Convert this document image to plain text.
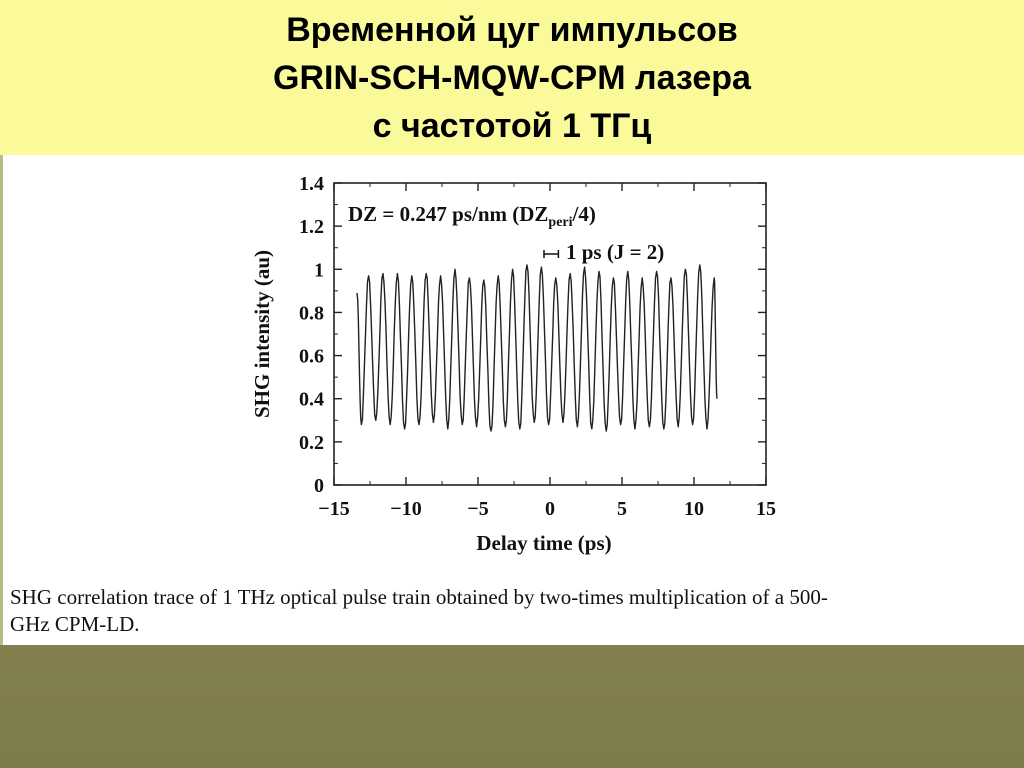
Временной цуг импульсов
GRIN-SCH-MQW-CPM лазера
с частотой 1 ТГц
0
0.2
0.4
0.6
0.8
1
1.2
1.4
−15 −10 −5	0	5	10	15
SHG intensity (au)
Delay time (ps)
DZ = 0.247 ps/nm $(DZ_{peri}/4)$
1 ps (J = 2)
SHG correlation trace of 1 THz optical pulse train obtained by two-times multiplication of a 500-
GHz CPM-LD.
